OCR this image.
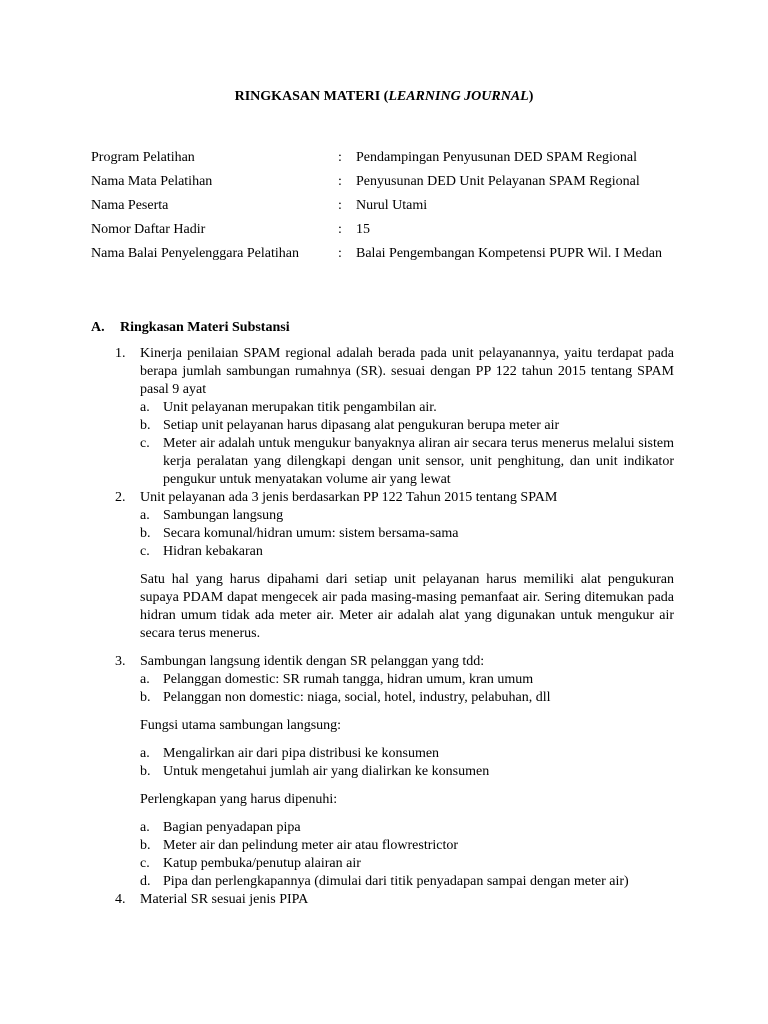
RINGKASAN MATERI (LEARNING JOURNAL)
Program Pelatihan	:	Pendampingan Penyusunan DED SPAM Regional
Nama Mata Pelatihan	:	Penyusunan DED Unit Pelayanan SPAM Regional
Nama Peserta	:	Nurul Utami
Nomor Daftar Hadir	:	15
Nama Balai Penyelenggara Pelatihan	:	Balai Pengembangan Kompetensi PUPR Wil. I Medan
A.	Ringkasan Materi Substansi
1.	Kinerja penilaian SPAM regional adalah berada pada unit pelayanannya, yaitu terdapat pada berapa jumlah sambungan rumahnya (SR). sesuai dengan PP 122 tahun 2015 tentang SPAM pasal 9 ayat
a. Unit pelayanan merupakan titik pengambilan air.
b. Setiap unit pelayanan harus dipasang alat pengukuran berupa meter air
c. Meter air adalah untuk mengukur banyaknya aliran air secara terus menerus melalui sistem kerja peralatan yang dilengkapi dengan unit sensor, unit penghitung, dan unit indikator pengukur untuk menyatakan volume air yang lewat
2.	Unit pelayanan ada 3 jenis berdasarkan PP 122 Tahun 2015 tentang SPAM
a. Sambungan langsung
b. Secara komunal/hidran umum: sistem bersama-sama
c. Hidran kebakaran
Satu hal yang harus dipahami dari setiap unit pelayanan harus memiliki alat pengukuran supaya PDAM dapat mengecek air pada masing-masing pemanfaat air. Sering ditemukan pada hidran umum tidak ada meter air. Meter air adalah alat yang digunakan untuk mengukur air secara terus menerus.
3.	Sambungan langsung identik dengan SR pelanggan yang tdd:
a. Pelanggan domestic: SR rumah tangga, hidran umum, kran umum
b. Pelanggan non domestic: niaga, social, hotel, industry, pelabuhan, dll
Fungsi utama sambungan langsung:
a. Mengalirkan air dari pipa distribusi ke konsumen
b. Untuk mengetahui jumlah air yang dialirkan ke konsumen
Perlengkapan yang harus dipenuhi:
a. Bagian penyadapan pipa
b. Meter air dan pelindung meter air atau flowrestrictor
c. Katup pembuka/penutup alairan air
d. Pipa dan perlengkapannya (dimulai dari titik penyadapan sampai dengan meter air)
4.	Material SR sesuai jenis PIPA
